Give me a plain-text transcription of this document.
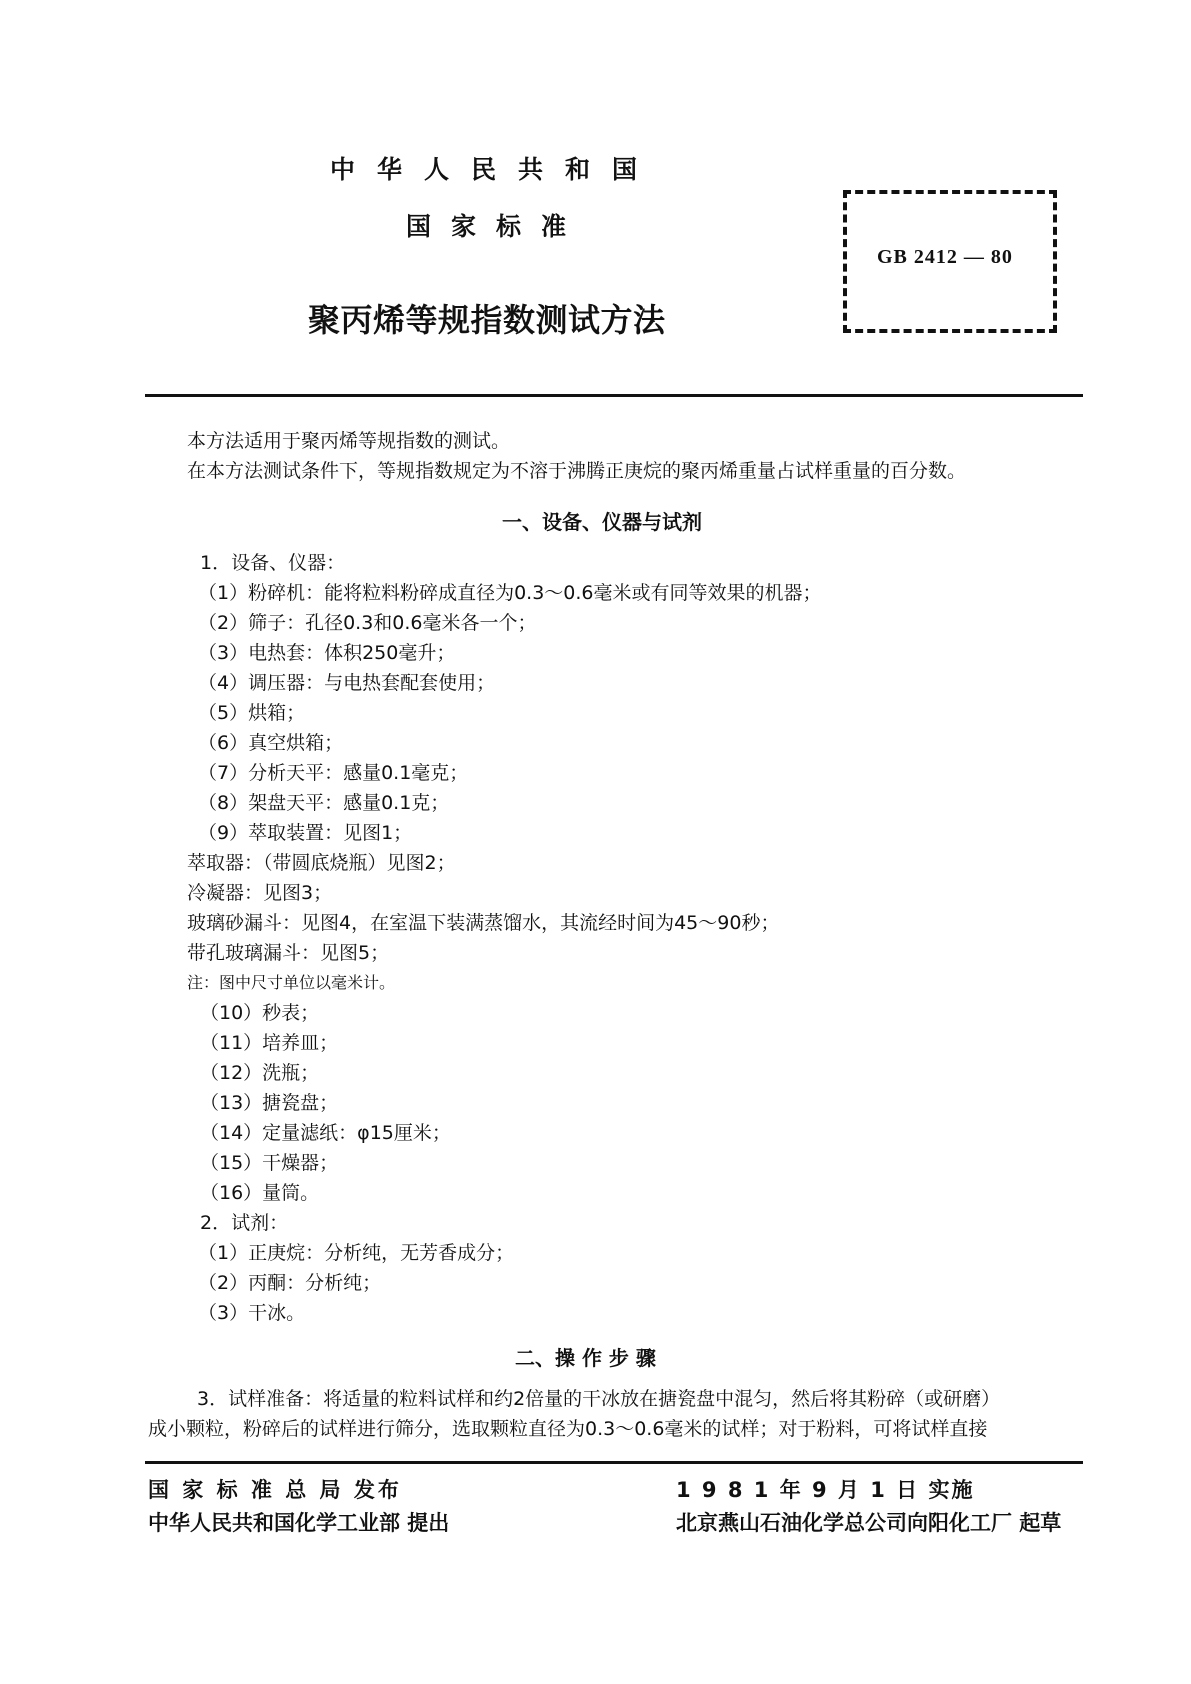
中华人民共和国
国家标准
聚丙烯等规指数测试方法
GB 2412 — 80
本方法适用于聚丙烯等规指数的测试。
在本方法测试条件下，等规指数规定为不溶于沸腾正庚烷的聚丙烯重量占试样重量的百分数。
一、设备、仪器与试剂
1．设备、仪器：
（1）粉碎机：能将粒料粉碎成直径为0.3～0.6毫米或有同等效果的机器；
（2）筛子：孔径0.3和0.6毫米各一个；
（3）电热套：体积250毫升；
（4）调压器：与电热套配套使用；
（5）烘箱；
（6）真空烘箱；
（7）分析天平：感量0.1毫克；
（8）架盘天平：感量0.1克；
（9）萃取装置：见图1；
萃取器：（带圆底烧瓶）见图2；
冷凝器：见图3；
玻璃砂漏斗：见图4，在室温下装满蒸馏水，其流经时间为45～90秒；
带孔玻璃漏斗：见图5；
注：图中尺寸单位以毫米计。
（10）秒表；
（11）培养皿；
（12）洗瓶；
（13）搪瓷盘；
（14）定量滤纸：φ15厘米；
（15）干燥器；
（16）量筒。
2．试剂：
（1）正庚烷：分析纯，无芳香成分；
（2）丙酮：分析纯；
（3）干冰。
二、操 作 步 骤
3．试样准备：将适量的粒料试样和约2倍量的干冰放在搪瓷盘中混匀，然后将其粉碎（或研磨）
成小颗粒，粉碎后的试样进行筛分，选取颗粒直径为0.3～0.6毫米的试样；对于粉料，可将试样直接
国 家 标 准 总 局 发布
中华人民共和国化学工业部 提出
1 9 8 1 年 9 月 1 日 实施
北京燕山石油化学总公司向阳化工厂 起草
